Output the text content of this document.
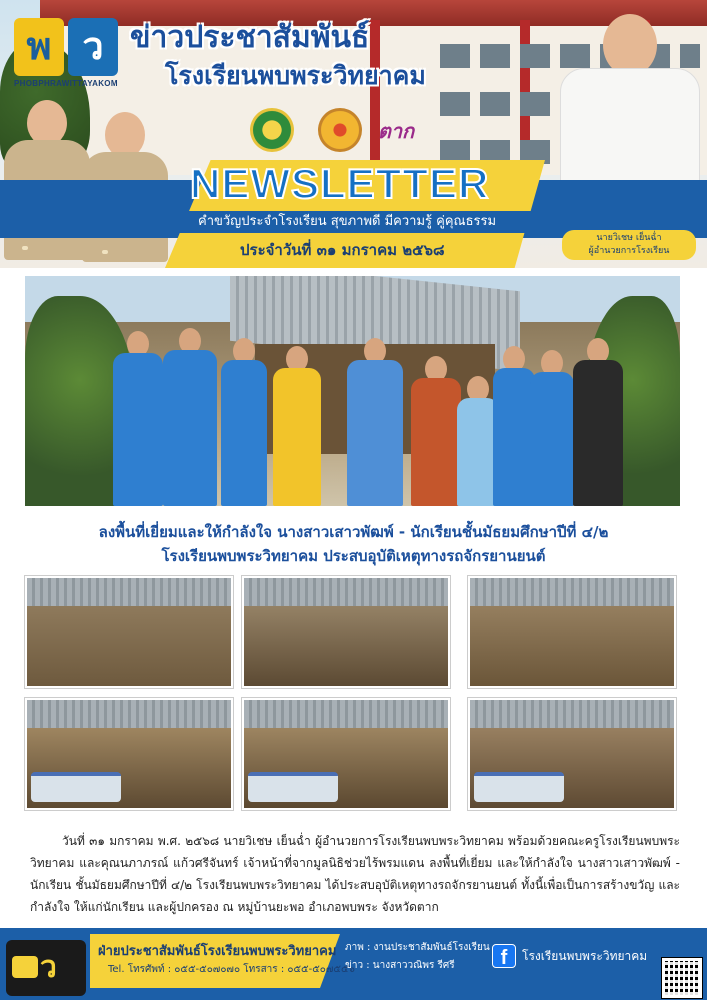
พ ว
PHOBPHRAWITTAYAKOM
ข่าวประชาสัมพันธ์
โรงเรียนพบพระวิทยาคม
ตาก
NEWSLETTER
คำขวัญประจำโรงเรียน สุขภาพดี มีความรู้ คู่คุณธรรม
ประจำวันที่ ๓๑ มกราคม ๒๕๖๘
นายวิเชษ เย็นฉ่ำ
ผู้อำนวยการโรงเรียน
ลงพื้นที่เยี่ยมและให้กำลังใจ นางสาวเสาวพัฒพ์ - นักเรียนชั้นมัธยมศึกษาปีที่ ๔/๒
โรงเรียนพบพระวิทยาคม ประสบอุบัติเหตุทางรถจักรยานยนต์
วันที่ ๓๑ มกราคม พ.ศ. ๒๕๖๘ นายวิเชษ เย็นฉ่ำ ผู้อำนวยการโรงเรียนพบพระวิทยาคม พร้อมด้วยคณะครูโรงเรียนพบพระวิทยาคม และคุณนภาภรณ์ แก้วศรีจันทร์ เจ้าหน้าที่จากมูลนิธิช่วยไร้พรมแดน ลงพื้นที่เยี่ยม และให้กำลังใจ นางสาวเสาวพัฒพ์ - นักเรียน ชั้นมัธยมศึกษาปีที่ ๔/๒ โรงเรียนพบพระวิทยาคม ได้ประสบอุบัติเหตุทางรถจักรยานยนต์ ทั้งนี้เพื่อเป็นการสร้างขวัญ และกำลังใจ ให้แก่นักเรียน และผู้ปกครอง ณ หมู่บ้านยะพอ อำเภอพบพระ จังหวัดตาก
ว	ฝ่ายประชาสัมพันธ์โรงเรียนพบพระวิทยาคม
Tel. โทรศัพท์ : ๐๕๕-๕๐๗๐๗๐ โทรสาร : ๐๕๕-๕๐๗๕๕๖
ภาพ : งานประชาสัมพันธ์โรงเรียน
ข่าว : นางสาววณิพร รีศรี	f	โรงเรียนพบพระวิทยาคม
